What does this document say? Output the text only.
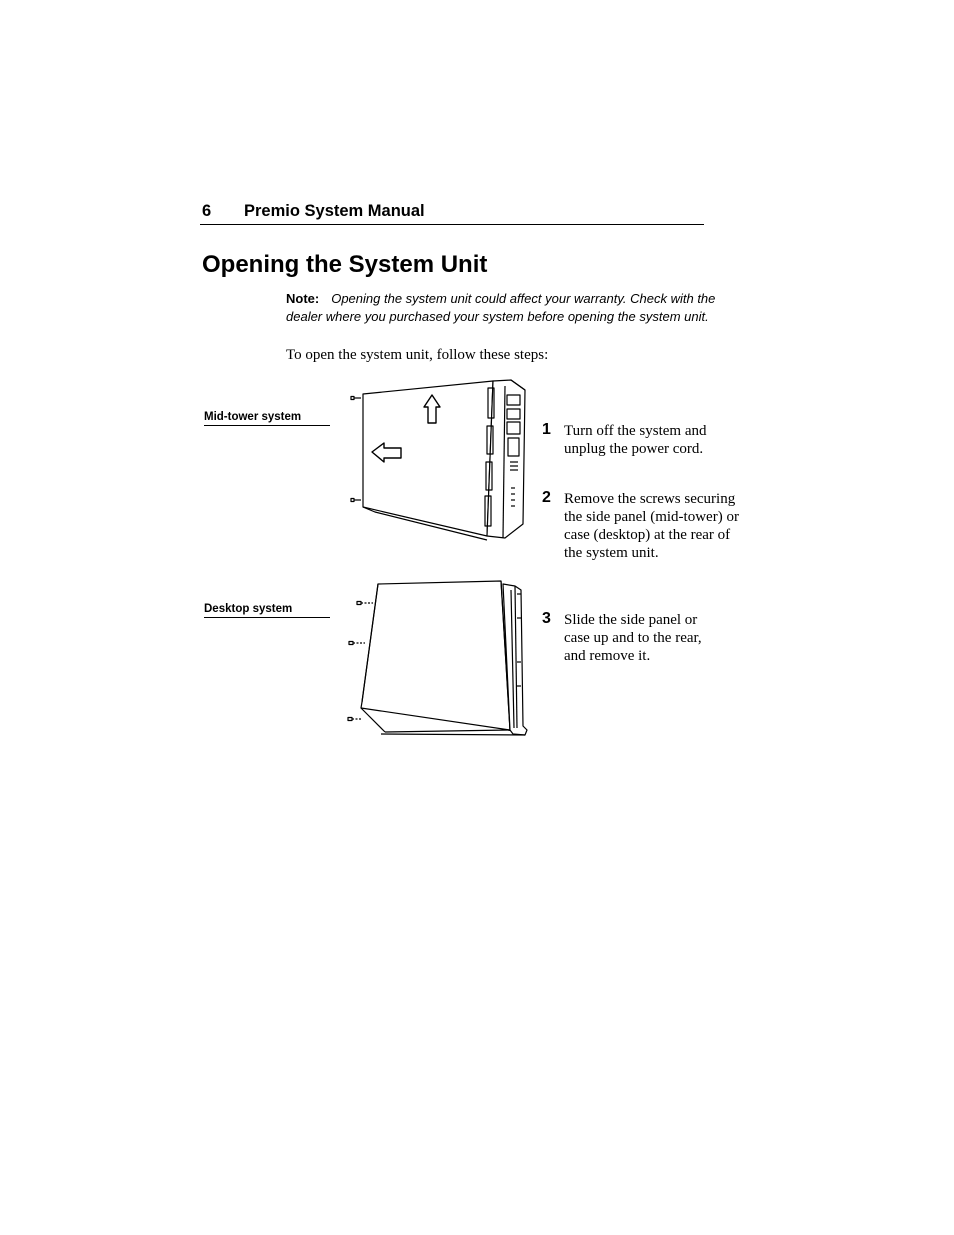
6 Premio System Manual
Opening the System Unit
Note: Opening the system unit could affect your warranty. Check with the dealer where you purchased your system before opening the system unit.
To open the system unit, follow these steps:
Mid-tower system
Desktop system
1 Turn off the system and unplug the power cord.
2 Remove the screws securing the side panel (mid-tower) or case (desktop) at the rear of the system unit.
3 Slide the side panel or case up and to the rear, and remove it.
